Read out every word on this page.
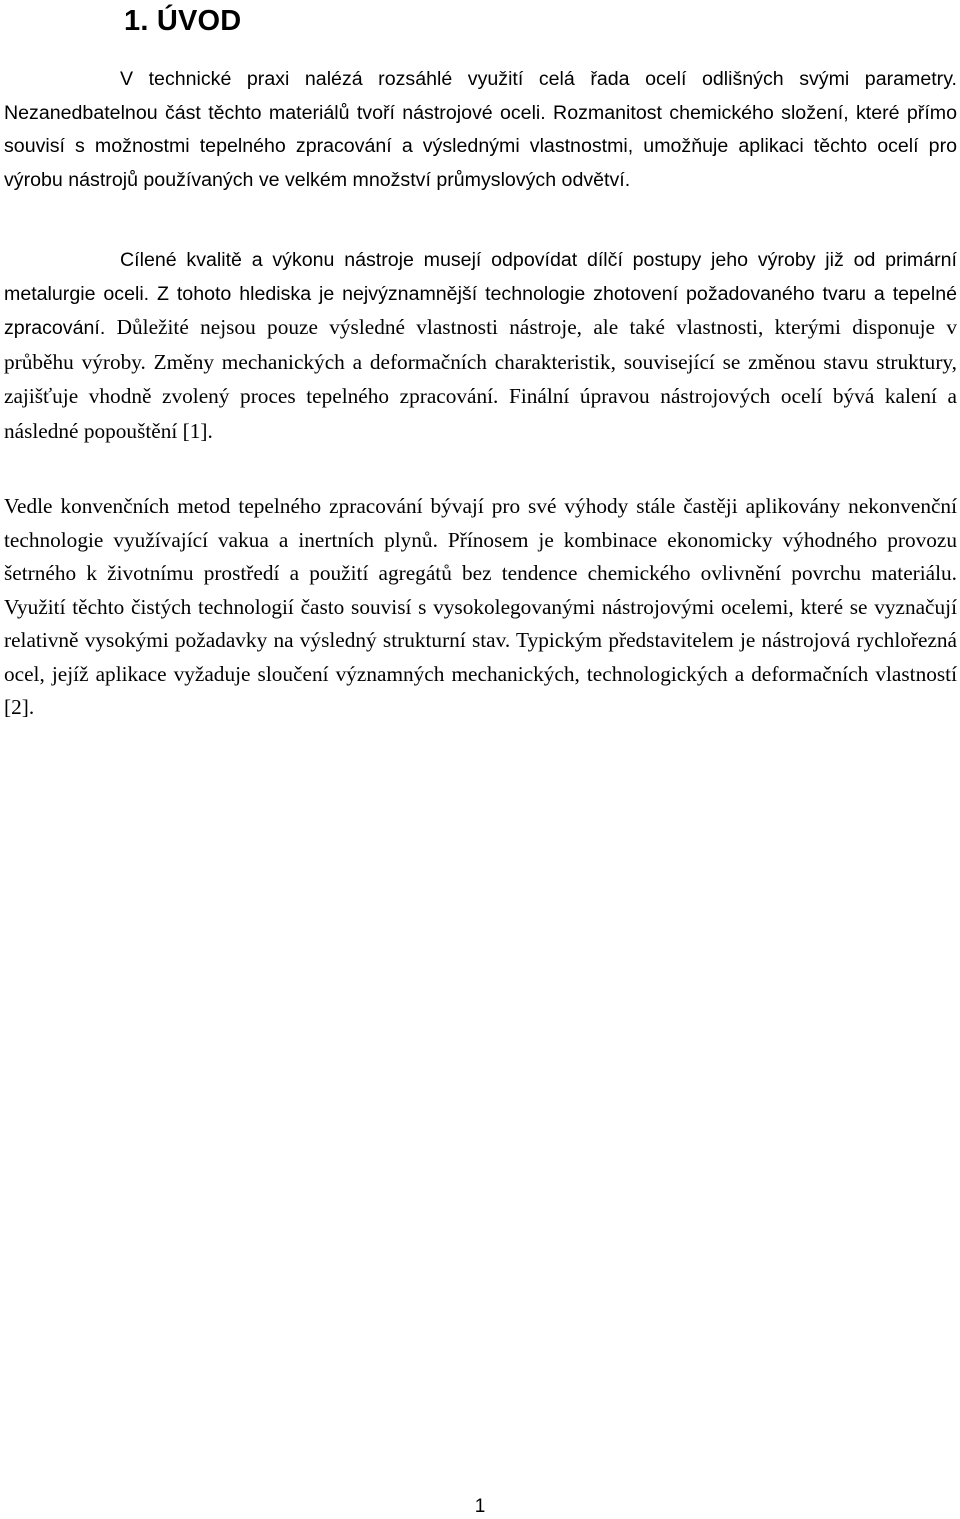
1. ÚVOD

V technické praxi nalézá rozsáhlé využití celá řada ocelí odlišných svými parametry. Nezanedbatelnou část těchto materiálů tvoří nástrojové oceli. Rozmanitost chemického složení, které přímo souvisí s možnostmi tepelného zpracování a výslednými vlastnostmi, umožňuje aplikaci těchto ocelí pro výrobu nástrojů používaných ve velkém množství průmyslových odvětví.

Cílené kvalitě a výkonu nástroje musejí odpovídat dílčí postupy jeho výroby již od primární metalurgie oceli. Z tohoto hlediska je nejvýznamnější technologie zhotovení požadovaného tvaru a tepelné zpracování. Důležité nejsou pouze výsledné vlastnosti nástroje, ale také vlastnosti, kterými disponuje v průběhu výroby. Změny mechanických a deformačních charakteristik, související se změnou stavu struktury, zajišťuje vhodně zvolený proces tepelného zpracování. Finální úpravou nástrojových ocelí bývá kalení a následné popouštění [1].

Vedle konvenčních metod tepelného zpracování bývají pro své výhody stále častěji aplikovány nekonvenční technologie využívající vakua a inertních plynů. Přínosem je kombinace ekonomicky výhodného provozu šetrného k životnímu prostředí a použití agregátů bez tendence chemického ovlivnění povrchu materiálu. Využití těchto čistých technologií často souvisí s vysokolegovanými nástrojovými ocelemi, které se vyznačují relativně vysokými požadavky na výsledný strukturní stav. Typickým představitelem je nástrojová rychlořezná ocel, jejíž aplikace vyžaduje sloučení významných mechanických, technologických a deformačních vlastností [2].

1
